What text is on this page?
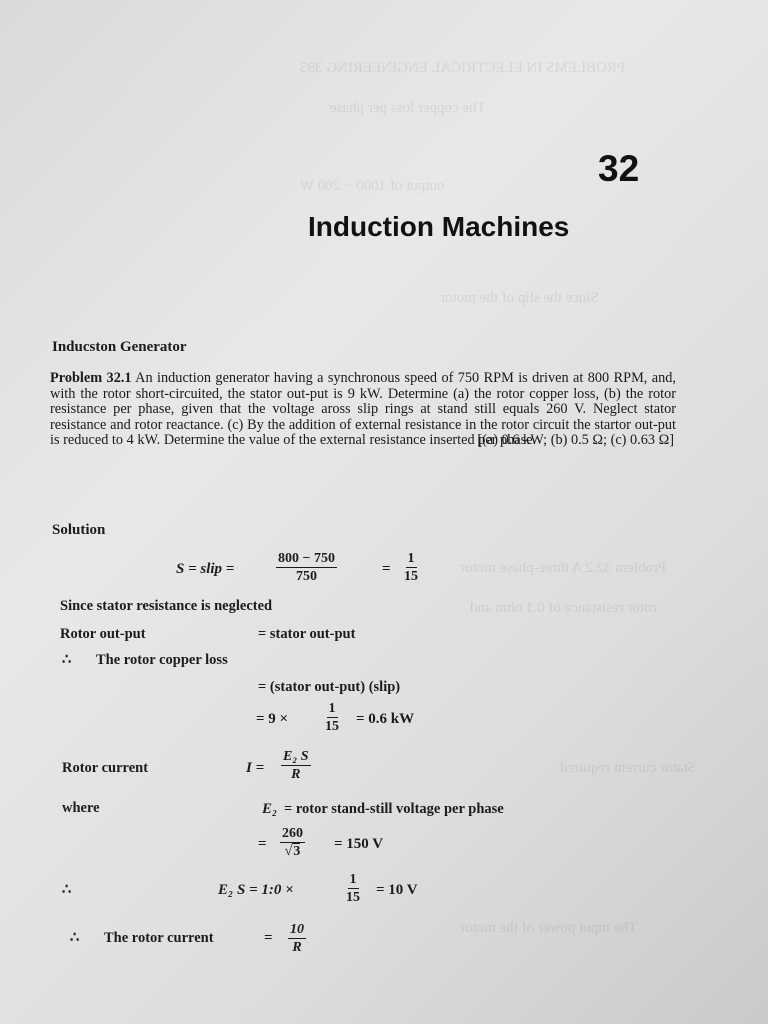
PROBLEMS IN ELECTRICAL ENGINEERING 395
The copper loss per phase
output of 1000 − 200 W
Since the slip of the motor
Problem 32.2 A three-phase motor
rotor resistance of 0.1 ohm and
Stator current required
The input power of the motor
32
Induction Machines
Inducston Generator
Problem 32.1 An induction generator having a synchronous speed of 750 RPM is driven at 800 RPM, and, with the rotor short-circuited, the stator out-put is 9 kW. Determine (a) the rotor copper loss, (b) the rotor resistance per phase, given that the voltage aross slip rings at stand still equals 260 V. Neglect stator resistance and rotor reactance. (c) By the addition of external resistance in the rotor circuit the startor out-put is reduced to 4 kW. Determine the value of the external resistance inserted per phase.
[(a) 0.6 kW; (b) 0.5 Ω; (c) 0.63 Ω]
Solution
S = slip =	$\frac{800 - 750}{750}$	= $\frac{1}{15}$
Since stator resistance is neglected
Rotor out-put	= stator out-put
∴ The rotor copper loss
= (stator out-put) (slip)
= 9 ×	$\frac{1}{15} = 0.6$ kW
Rotor current	$I = \frac{\text{E₂ S}}{R}$
where	E₂ = rotor stand-still voltage per phase
= $\frac{260}{√3} = 150$ V
∴	E₂ S = 1:0 ×	$\frac{1}{15} = 10$ V
∴ The rotor current	= $\frac{10}{R}$
